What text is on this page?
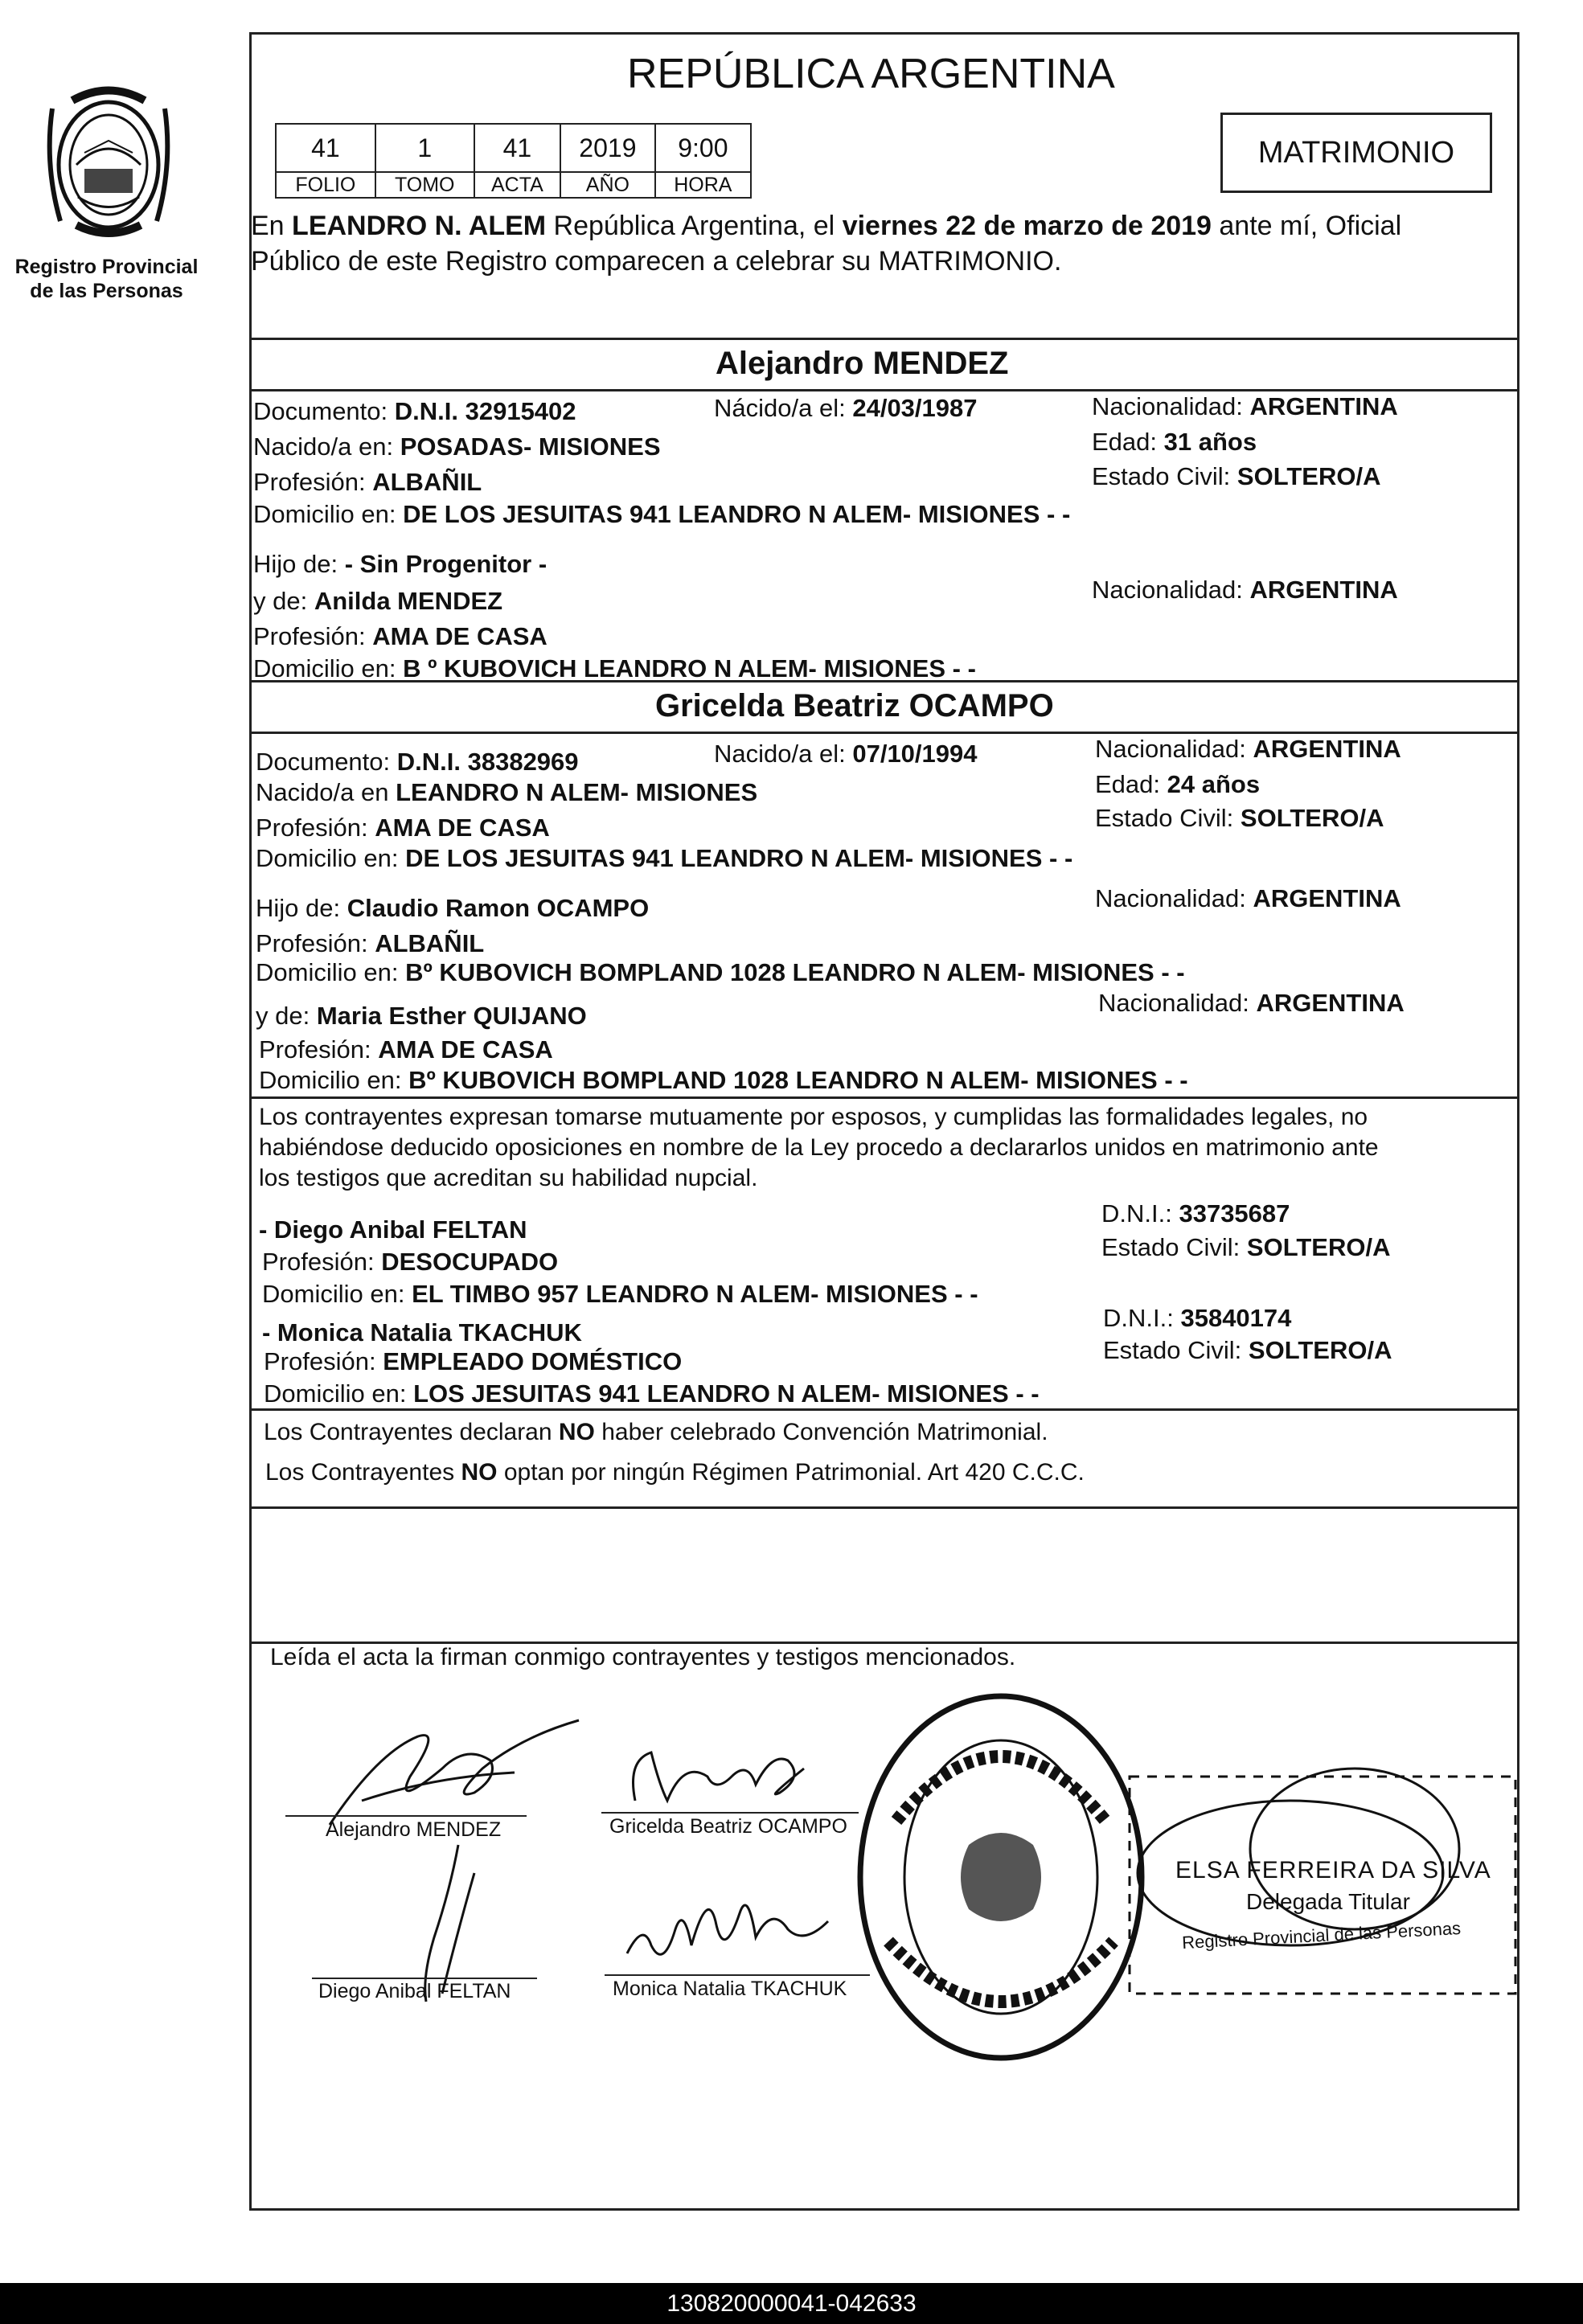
Registro Provincial
de las Personas
REPÚBLICA ARGENTINA
41	1	41	2019	9:00
FOLIO	TOMO	ACTA	AÑO	HORA
MATRIMONIO
En LEANDRO N. ALEM República Argentina, el viernes 22 de marzo de 2019 ante mí, Oficial
Público de este Registro comparecen a celebrar su MATRIMONIO.
Alejandro MENDEZ
Documento: D.N.I. 32915402	Nácido/a el: 24/03/1987	Nacionalidad: ARGENTINA
Nacido/a en: POSADAS- MISIONES	Edad: 31 años
Profesión: ALBAÑIL	Estado Civil: SOLTERO/A
Domicilio en: DE LOS JESUITAS 941 LEANDRO N ALEM- MISIONES - -
Hijo de: - Sin Progenitor -
y de: Anilda MENDEZ	Nacionalidad: ARGENTINA
Profesión: AMA DE CASA
Domicilio en: B º KUBOVICH LEANDRO N ALEM- MISIONES - -
Gricelda Beatriz OCAMPO
Documento: D.N.I. 38382969	Nacido/a el: 07/10/1994	Nacionalidad: ARGENTINA
Nacido/a en LEANDRO N ALEM- MISIONES	Edad: 24 años
Profesión: AMA DE CASA	Estado Civil: SOLTERO/A
Domicilio en: DE LOS JESUITAS 941 LEANDRO N ALEM- MISIONES - -
Hijo de: Claudio Ramon OCAMPO	Nacionalidad: ARGENTINA
Profesión: ALBAÑIL
Domicilio en: Bº KUBOVICH BOMPLAND 1028 LEANDRO N ALEM- MISIONES - -
y de: Maria Esther QUIJANO	Nacionalidad: ARGENTINA
Profesión: AMA DE CASA
Domicilio en: Bº KUBOVICH BOMPLAND 1028 LEANDRO N ALEM- MISIONES - -
Los contrayentes expresan tomarse mutuamente por esposos, y cumplidas las formalidades legales, no
habiéndose deducido oposiciones en nombre de la Ley procedo a declararlos unidos en matrimonio ante
los testigos que acreditan su habilidad nupcial.
- Diego Anibal FELTAN
D.N.I.: 33735687
Profesión: DESOCUPADO
Estado Civil: SOLTERO/A
Domicilio en: EL TIMBO 957 LEANDRO N ALEM- MISIONES - -
- Monica Natalia TKACHUK
D.N.I.: 35840174
Profesión: EMPLEADO DOMÉSTICO	Estado Civil: SOLTERO/A
Domicilio en: LOS JESUITAS 941 LEANDRO N ALEM- MISIONES - -
Los Contrayentes declaran NO haber celebrado Convención Matrimonial.
Los Contrayentes NO optan por ningún Régimen Patrimonial. Art 420 C.C.C.
Leída el acta la firman conmigo contrayentes y testigos mencionados.
Alejandro MENDEZ	Gricelda Beatriz OCAMPO
Diego Anibal FELTAN	Monica Natalia TKACHUK
ELSA FERREIRA DA SILVA
Delegada Titular
Registro Provincial de las Personas
130820000041-042633
